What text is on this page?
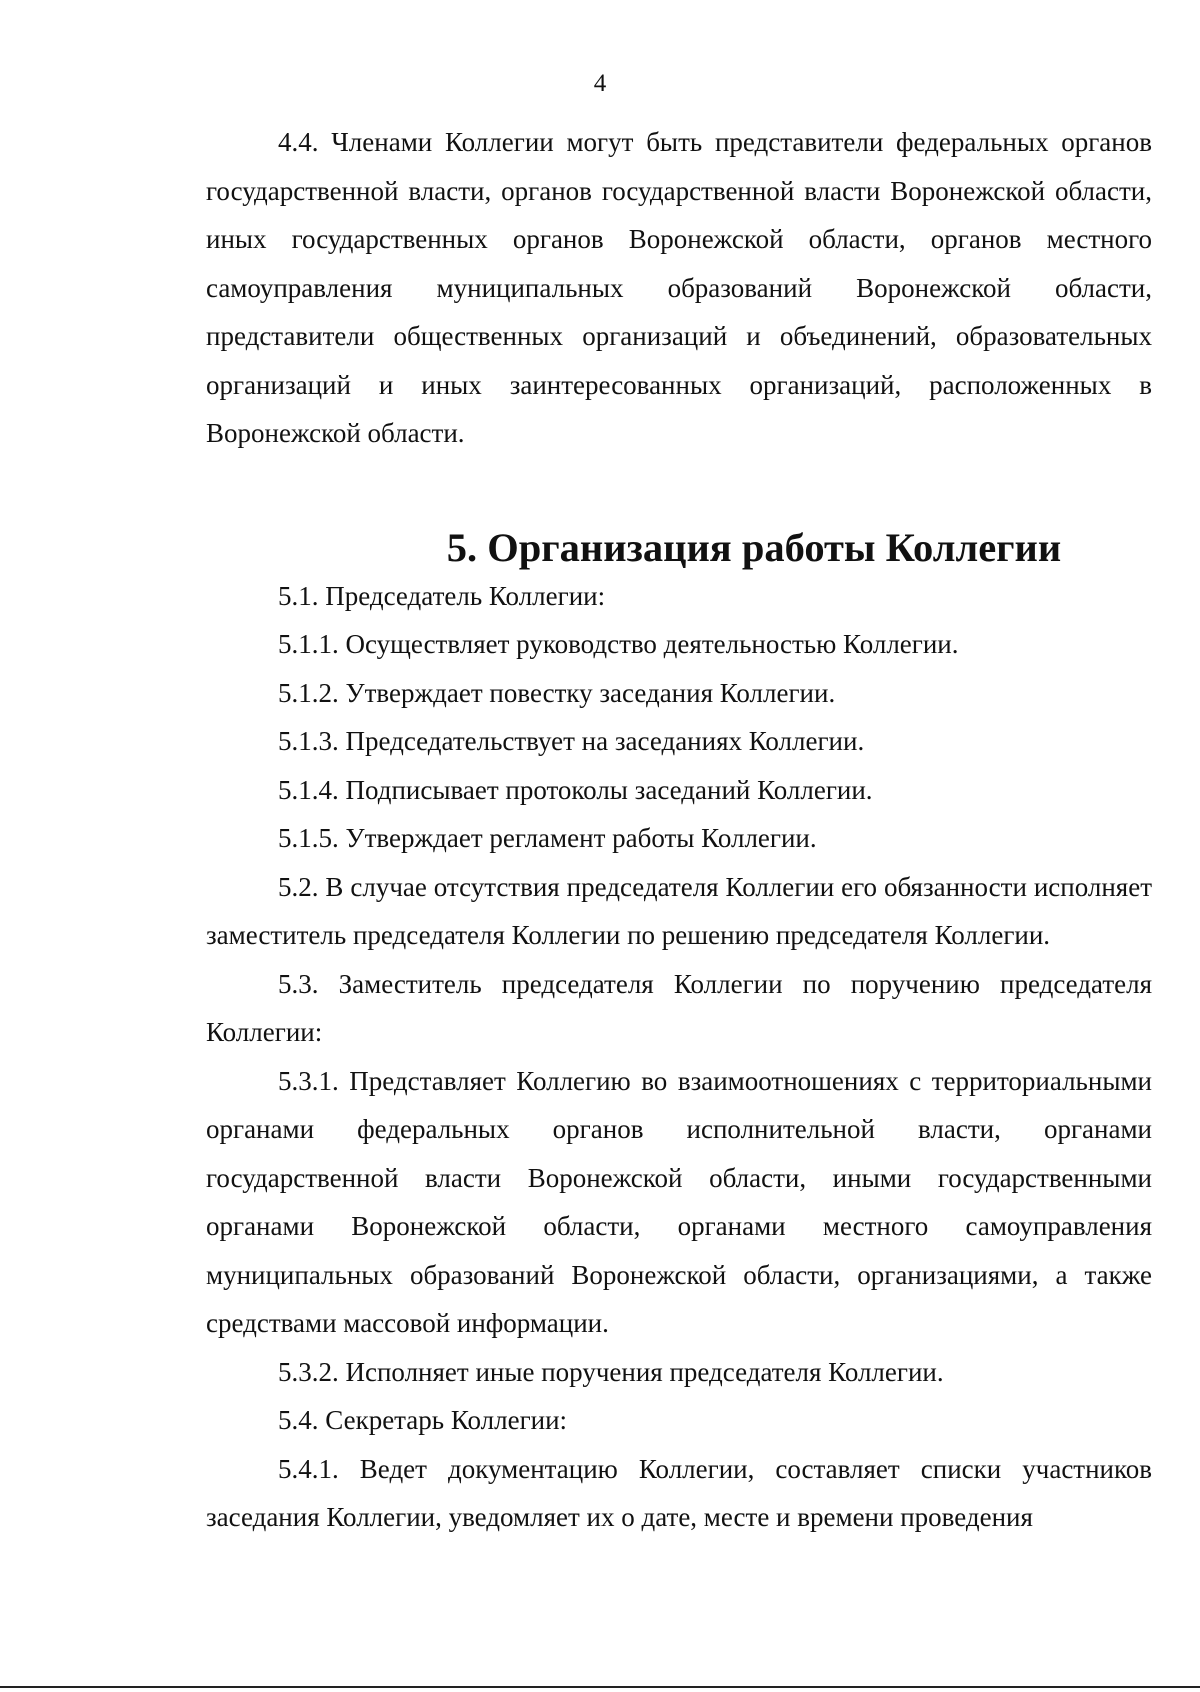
4

4.4. Членами Коллегии могут быть представители федеральных органов государственной власти, органов государственной власти Воронежской области, иных государственных органов Воронежской области, органов местного самоуправления муниципальных образований Воронежской области, представители общественных организаций и объединений, образовательных организаций и иных заинтересованных организаций, расположенных в Воронежской области.

5. Организация работы Коллегии

5.1. Председатель Коллегии:

5.1.1. Осуществляет руководство деятельностью Коллегии.

5.1.2. Утверждает повестку заседания Коллегии.

5.1.3. Председательствует на заседаниях Коллегии.

5.1.4. Подписывает протоколы заседаний Коллегии.

5.1.5. Утверждает регламент работы Коллегии.

5.2. В случае отсутствия председателя Коллегии его обязанности исполняет заместитель председателя Коллегии по решению председателя Коллегии.

5.3. Заместитель председателя Коллегии по поручению председателя Коллегии:

5.3.1. Представляет Коллегию во взаимоотношениях с территориальными органами федеральных органов исполнительной власти, органами государственной власти Воронежской области, иными государственными органами Воронежской области, органами местного самоуправления муниципальных образований Воронежской области, организациями, а также средствами массовой информации.

5.3.2. Исполняет иные поручения председателя Коллегии.

5.4. Секретарь Коллегии:

5.4.1. Ведет документацию Коллегии, составляет списки участников заседания Коллегии, уведомляет их о дате, месте и времени проведения
